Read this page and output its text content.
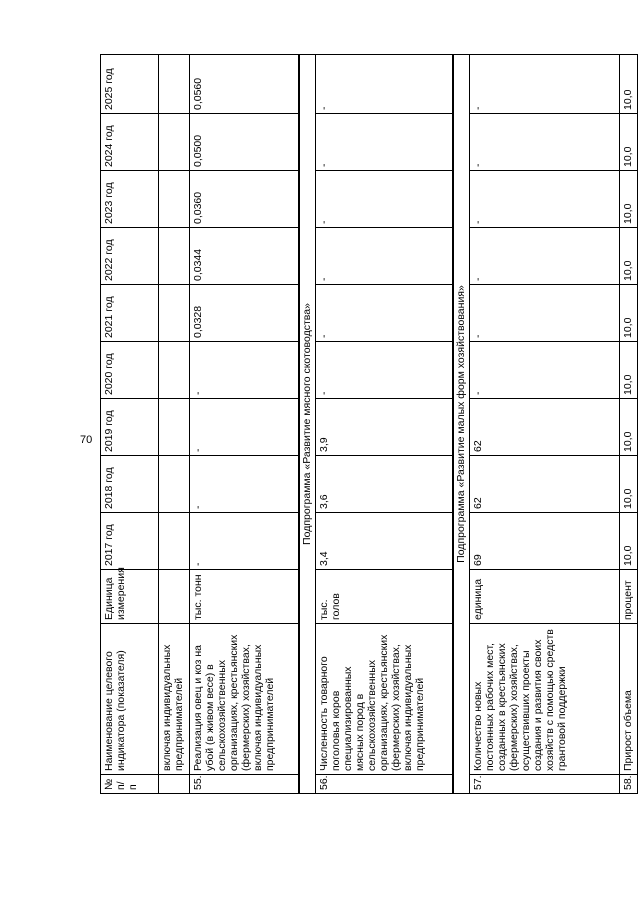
70
№ п/п	Наименование целевого индикатора (показателя)	Единица измерения	2017 год	2018 год	2019 год	2020 год	2021 год	2022 год	2023 год	2024 год	2025 год	
	включая индивидуальных предпринимателей												
55.	Реализация овец и коз на убой (в живом весе) в сельскохозяйственных организациях, крестьянских (фермерских) хозяйствах, включая индивидуальных предпринимателей	тыс. тонн	-	-	-	-	0,0328	0,0344	0,0360	0,0500	0,0560	
Подпрограмма «Развитие мясного скотоводства»												
56.	Численность товарного поголовья коров специализированных мясных пород в сельскохозяйственных организациях, крестьянских (фермерских) хозяйствах, включая индивидуальных предпринимателей	тыс. голов	3,4	3,6	3,9	-	-	-	-	-	-	
Подпрограмма «Развитие малых форм хозяйствования»												
57.	Количество новых постоянных рабочих мест, созданных в крестьянских (фермерских) хозяйствах, осуществивших проекты создания и развития своих хозяйств с помощью средств грантовой поддержки	единица	69	62	62	-	-	-	-	-	-	
58.	Прирост объема	процент	10,0	10,0	10,0	10,0	10,0	10,0	10,0	10,0	10,0	
